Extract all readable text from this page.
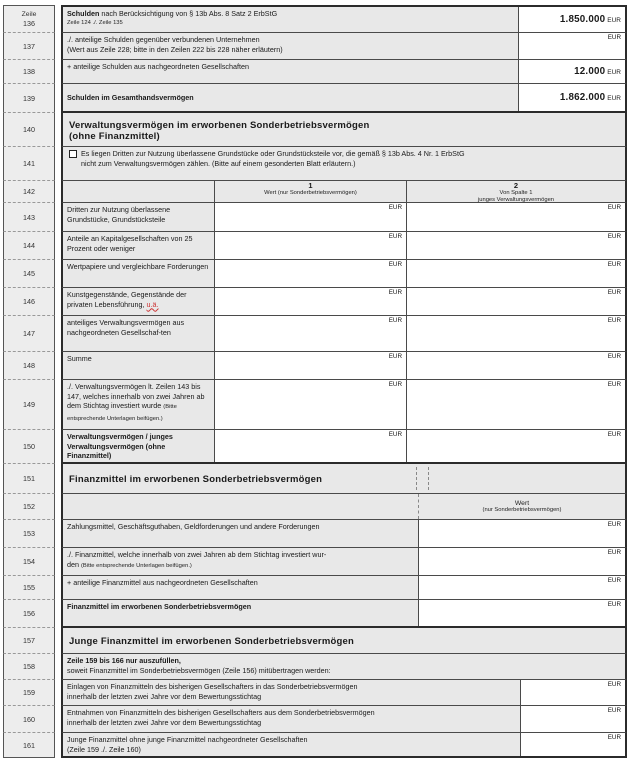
Zeile
136
Schulden nach Berücksichtigung von § 13b Abs. 8 Satz 2 ErbStG
Zeile 124 ./. Zeile 135	1.850.000 EUR
137
./. anteilige Schulden gegenüber verbundenen Unternehmen
(Wert aus Zeile 228; bitte in den Zeilen 222 bis 228 näher erläutern)
EUR
138
+ anteilige Schulden aus nachgeordneten Gesellschaften	12.000 EUR
139	Schulden im Gesamthandsvermögen	1.862.000 EUR
140	Verwaltungsvermögen im erworbenen Sonderbetriebsvermögen
(ohne Finanzmittel)
141
Es liegen Dritten zur Nutzung überlassene Grundstücke oder Grundstücksteile vor, die gemäß § 13b Abs. 4 Nr. 1 ErbStG
nicht zum Verwaltungsvermögen zählen. (Bitte auf einem gesonderten Blatt erläutern.)
142
1
Wert (nur Sonderbetriebsvermögen)
2
Von Spalte 1
junges Verwaltungsvermögen
143
Dritten zur Nutzung überlassene Grundstücke, Grundstücksteile
EUR	EUR
144
Anteile an Kapitalgesellschaften von 25 Prozent oder weniger
EUR	EUR
145
Wertpapiere und vergleichbare Forderungen	EUR	EUR
146
Kunstgegenstände, Gegenstände der privaten Lebensführung, u.ä.
EUR	EUR
147
anteiliges Verwaltungsvermögen aus nachgeordneten Gesellschaf-ten
EUR	EUR
148
Summe	EUR	EUR
149
./. Verwaltungsvermögen lt. Zeilen 143 bis 147, welches innerhalb von zwei Jahren ab dem Stichtag investiert wurde (Bitte entsprechende Unterlagen beifügen.)
EUR	EUR
150
Verwaltungsvermögen / junges Verwaltungsvermögen (ohne Finanzmittel)
EUR	EUR
151	Finanzmittel im erworbenen Sonderbetriebsvermögen
152	Wert
(nur Sonderbetriebsvermögen)
153
Zahlungsmittel, Geschäftsguthaben, Geldforderungen und andere Forderungen	EUR
154
./. Finanzmittel, welche innerhalb von zwei Jahren ab dem Stichtag investiert wur-
den (Bitte entsprechende Unterlagen beifügen.)
EUR
155
+ anteilige Finanzmittel aus nachgeordneten Gesellschaften	EUR
156
Finanzmittel im erworbenen Sonderbetriebsvermögen	EUR
157	Junge Finanzmittel im erworbenen Sonderbetriebsvermögen
158
Zeile 159 bis 166 nur auszufüllen,
soweit Finanzmittel im Sonderbetriebsvermögen (Zeile 156) mitübertragen werden:
159
Einlagen von Finanzmitteln des bisherigen Gesellschafters in das Sonderbetriebsvermögen
innerhalb der letzten zwei Jahre vor dem Bewertungsstichtag
EUR
160
Entnahmen von Finanzmitteln des bisherigen Gesellschafters aus dem Sonderbetriebsvermögen
innerhalb der letzten zwei Jahre vor dem Bewertungsstichtag
EUR
161
Junge Finanzmittel ohne junge Finanzmittel nachgeordneter Gesellschaften
(Zeile 159 ./. Zeile 160)
EUR
